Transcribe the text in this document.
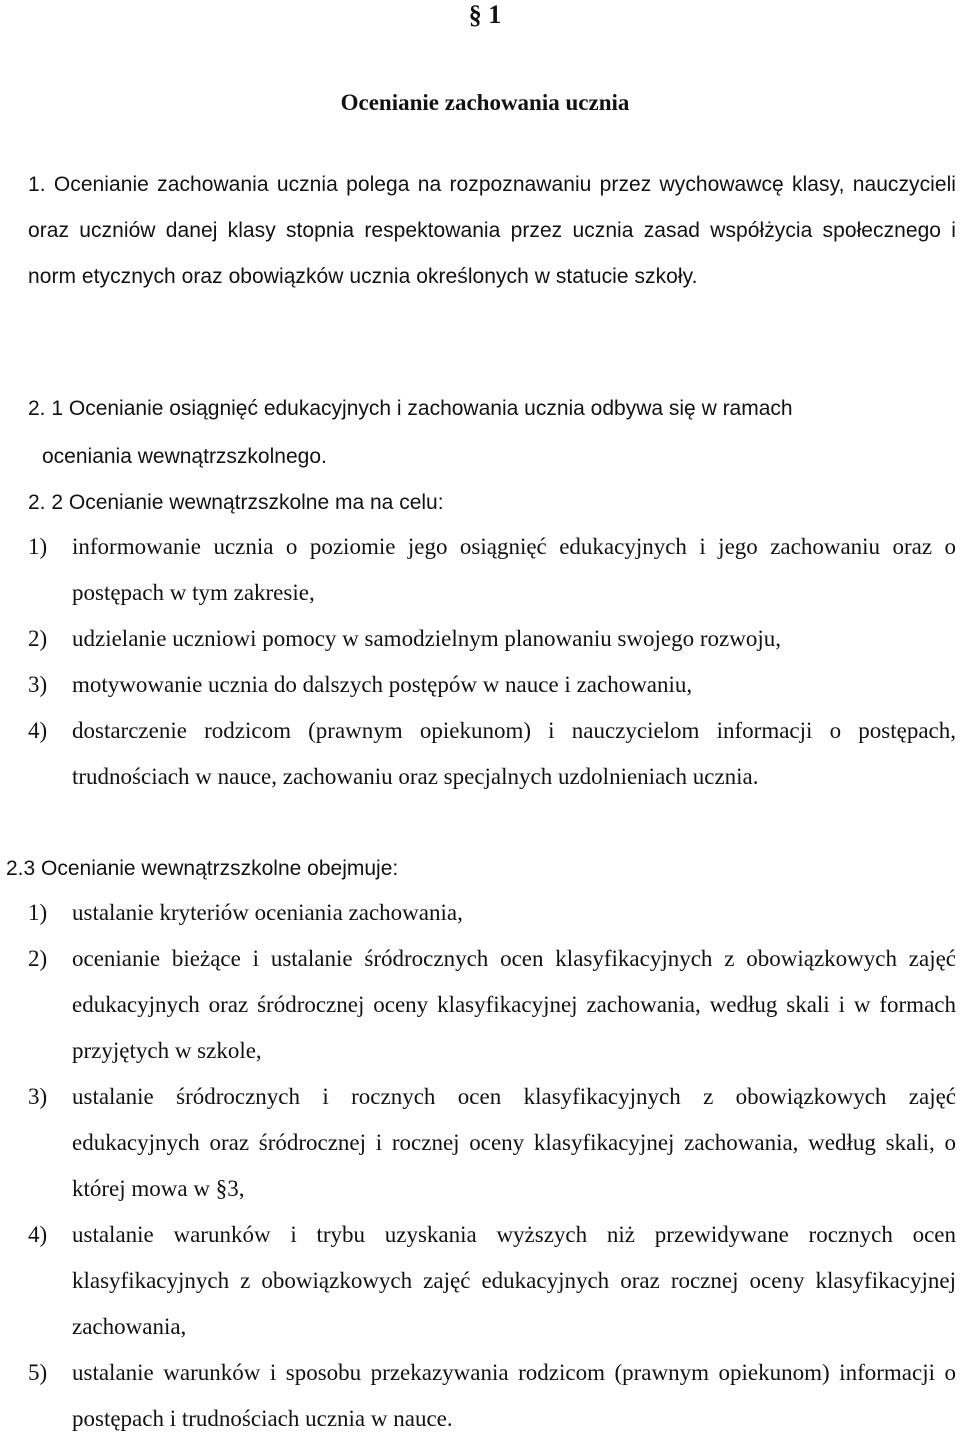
§ 1
Ocenianie zachowania ucznia
1. Ocenianie zachowania ucznia polega na rozpoznawaniu przez wychowawcę klasy, nauczycieli oraz uczniów danej klasy stopnia respektowania przez ucznia zasad współżycia społecznego i norm etycznych oraz obowiązków ucznia określonych w statucie szkoły.
2. 1 Ocenianie osiągnięć edukacyjnych i zachowania ucznia odbywa się w ramach
oceniania wewnątrzszkolnego.
2. 2 Ocenianie wewnątrzszkolne ma na celu:
1)	informowanie ucznia o poziomie jego osiągnięć edukacyjnych i jego zachowaniu oraz o postępach w tym zakresie,
2)	udzielanie uczniowi pomocy w samodzielnym planowaniu swojego rozwoju,
3)	motywowanie ucznia do dalszych postępów w nauce i zachowaniu,
4)	dostarczenie rodzicom (prawnym opiekunom) i nauczycielom informacji o postępach, trudnościach w nauce, zachowaniu oraz specjalnych uzdolnieniach ucznia.
2.3 Ocenianie wewnątrzszkolne obejmuje:
1)	ustalanie kryteriów oceniania zachowania,
2)	ocenianie bieżące i ustalanie śródrocznych ocen klasyfikacyjnych z obowiązkowych zajęć edukacyjnych oraz śródrocznej oceny klasyfikacyjnej zachowania, według skali i w formach przyjętych w szkole,
3)	ustalanie śródrocznych i rocznych ocen klasyfikacyjnych z obowiązkowych zajęć edukacyjnych oraz śródrocznej i rocznej oceny klasyfikacyjnej zachowania, według skali, o której mowa w §3,
4)	ustalanie warunków i trybu uzyskania wyższych niż przewidywane rocznych ocen klasyfikacyjnych z obowiązkowych zajęć edukacyjnych oraz rocznej oceny klasyfikacyjnej zachowania,
5)	ustalanie warunków i sposobu przekazywania rodzicom (prawnym opiekunom) informacji o postępach i trudnościach ucznia w nauce.
